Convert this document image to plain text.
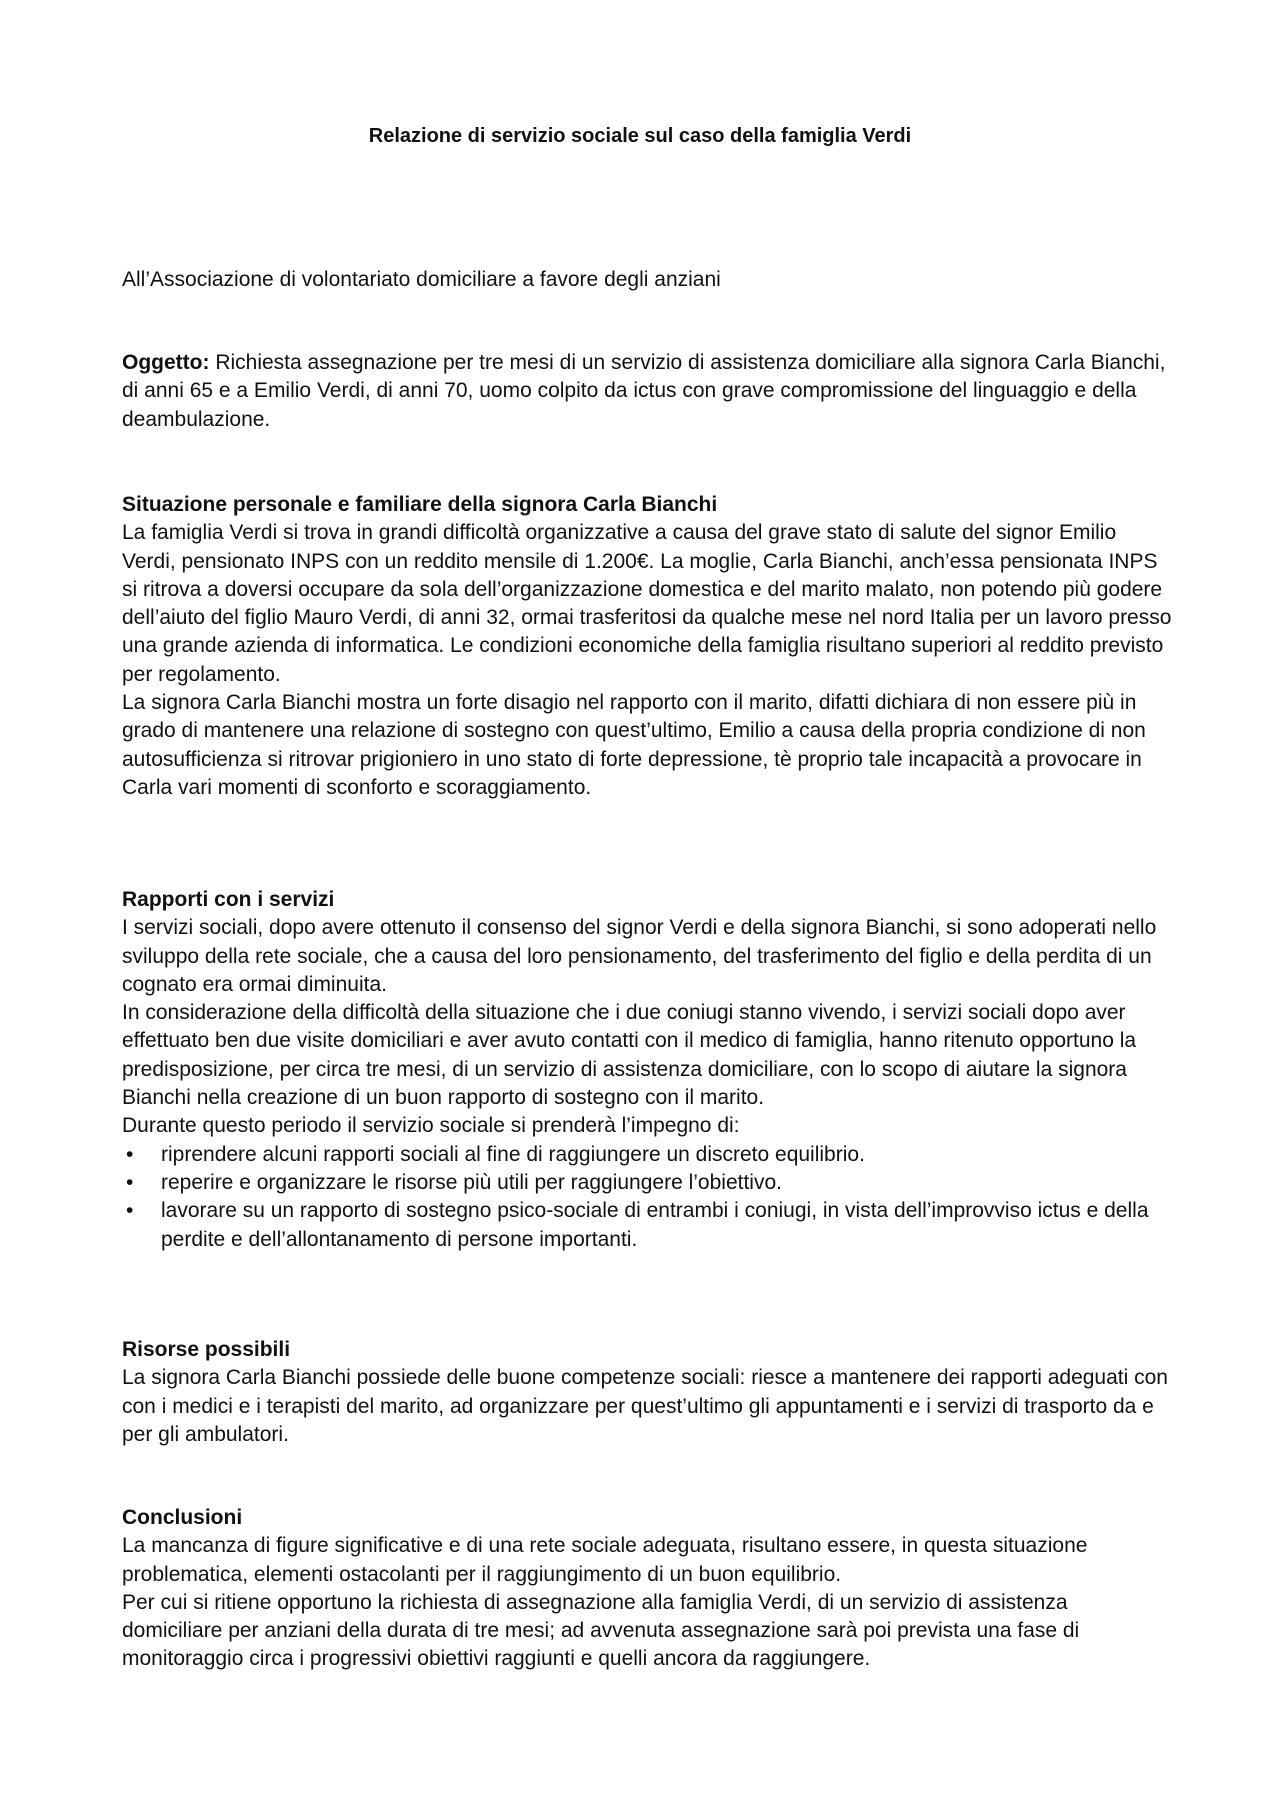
Relazione di servizio sociale sul caso della famiglia Verdi

All’Associazione di volontariato domiciliare a favore degli anziani

Oggetto: Richiesta assegnazione per tre mesi di un servizio di assistenza domiciliare alla signora Carla Bianchi, di anni 65 e a Emilio Verdi, di anni 70, uomo colpito da ictus con grave compromissione del linguaggio e della deambulazione.

Situazione personale e familiare della signora Carla Bianchi

La famiglia Verdi si trova in grandi difficoltà organizzative a causa del grave stato di salute del signor Emilio Verdi, pensionato INPS con un reddito mensile di 1.200€. La moglie, Carla Bianchi, anch’essa pensionata INPS si ritrova a doversi occupare da sola dell’organizzazione domestica e del marito malato, non potendo più godere dell’aiuto del figlio Mauro Verdi, di anni 32, ormai trasferitosi da qualche mese nel nord Italia per un lavoro presso una grande azienda di informatica. Le condizioni economiche della famiglia risultano superiori al reddito previsto per regolamento.

La signora Carla Bianchi mostra un forte disagio nel rapporto con il marito, difatti dichiara di non essere più in grado di mantenere una relazione di sostegno con quest’ultimo, Emilio a causa della propria condizione di non autosufficienza si ritrovar prigioniero in uno stato di forte depressione, tè proprio tale incapacità a provocare in Carla vari momenti di sconforto e scoraggiamento.

Rapporti con i servizi

I servizi sociali, dopo avere ottenuto il consenso del signor Verdi e della signora Bianchi, si sono adoperati nello sviluppo della rete sociale, che a causa del loro pensionamento, del trasferimento del figlio e della perdita di un cognato era ormai diminuita.

In considerazione della difficoltà della situazione che i due coniugi stanno vivendo, i servizi sociali dopo aver effettuato ben due visite domiciliari e aver avuto contatti con il medico di famiglia, hanno ritenuto opportuno la predisposizione, per circa tre mesi, di un servizio di assistenza domiciliare, con lo scopo di aiutare la signora Bianchi nella creazione di un buon rapporto di sostegno con il marito.

Durante questo periodo il servizio sociale si prenderà l’impegno di:

• riprendere alcuni rapporti sociali al fine di raggiungere un discreto equilibrio.
• reperire e organizzare le risorse più utili per raggiungere l’obiettivo.
• lavorare su un rapporto di sostegno psico-sociale di entrambi i coniugi, in vista dell’improvviso ictus e della perdite e dell’allontanamento di persone importanti.

Risorse possibili

La signora Carla Bianchi possiede delle buone competenze sociali: riesce a mantenere dei rapporti adeguati con con i medici e i terapisti del marito, ad organizzare per quest’ultimo gli appuntamenti e i servizi di trasporto da e per gli ambulatori.

Conclusioni

La mancanza di figure significative e di una rete sociale adeguata, risultano essere, in questa situazione problematica, elementi ostacolanti per il raggiungimento di un buon equilibrio.

Per cui si ritiene opportuno la richiesta di assegnazione alla famiglia Verdi, di un servizio di assistenza domiciliare per anziani della durata di tre mesi; ad avvenuta assegnazione sarà poi prevista una fase di monitoraggio circa i progressivi obiettivi raggiunti e quelli ancora da raggiungere.
